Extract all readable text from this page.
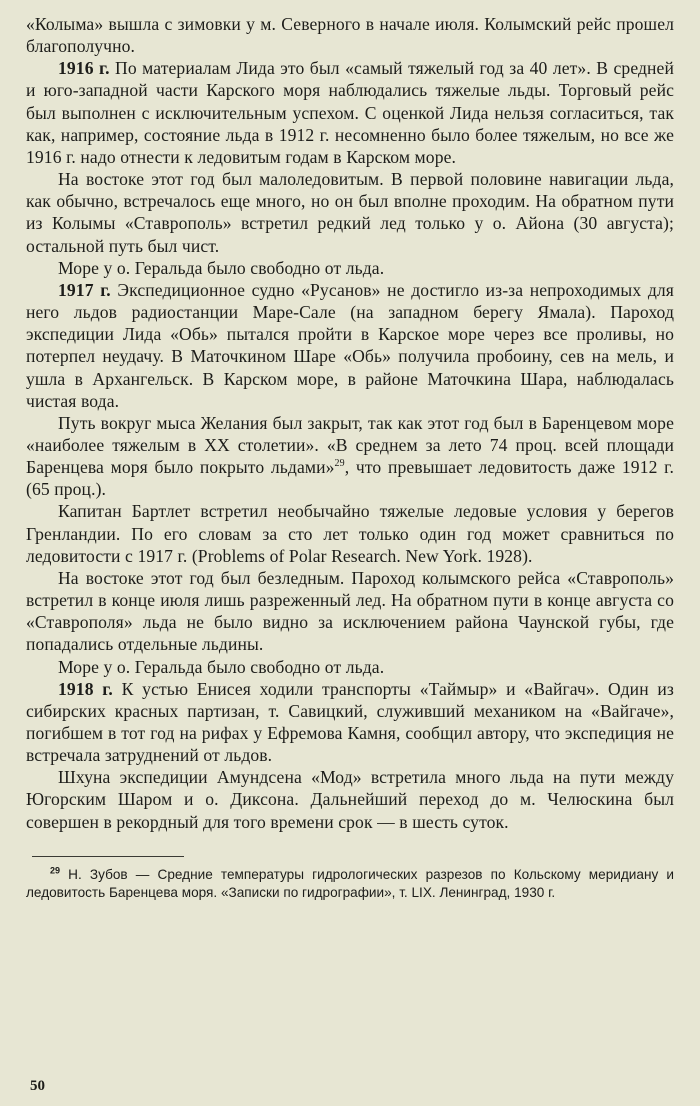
«Колыма» вышла с зимовки у м. Северного в начале июля. Колымский рейс прошел благополучно.

1916 г. По материалам Лида это был «самый тяжелый год за 40 лет». В средней и юго-западной части Карского моря наблюдались тяжелые льды. Торговый рейс был выполнен с исключительным успехом. С оценкой Лида нельзя согласиться, так как, например, состояние льда в 1912 г. несомненно было более тяжелым, но все же 1916 г. надо отнести к ледовитым годам в Карском море.

На востоке этот год был малоледовитым. В первой половине навигации льда, как обычно, встречалось еще много, но он был вполне проходим. На обратном пути из Колымы «Ставрополь» встретил редкий лед только у о. Айона (30 августа); остальной путь был чист.

Море у о. Геральда было свободно от льда.

1917 г. Экспедиционное судно «Русанов» не достигло из-за непроходимых для него льдов радиостанции Маре-Сале (на западном берегу Ямала). Пароход экспедиции Лида «Обь» пытался пройти в Карское море через все проливы, но потерпел неудачу. В Маточкином Шаре «Обь» получила пробоину, сев на мель, и ушла в Архангельск. В Карском море, в районе Маточкина Шара, наблюдалась чистая вода.

Путь вокруг мыса Желания был закрыт, так как этот год был в Баренцевом море «наиболее тяжелым в XX столетии». «В среднем за лето 74 проц. всей площади Баренцева моря было покрыто льдами»$^{29}$, что превышает ледовитость даже 1912 г. (65 проц.).

Капитан Бартлет встретил необычайно тяжелые ледовые условия у берегов Гренландии. По его словам за сто лет только один год может сравниться по ледовитости с 1917 г. (Problems of Polar Research. New York. 1928).

На востоке этот год был безледным. Пароход колымского рейса «Ставрополь» встретил в конце июля лишь разреженный лед. На обратном пути в конце августа со «Ставрополя» льда не было видно за исключением района Чаунской губы, где попадались отдельные льдины.

Море у о. Геральда было свободно от льда.

1918 г. К устью Енисея ходили транспорты «Таймыр» и «Вайгач». Один из сибирских красных партизан, т. Савицкий, служивший механиком на «Вайгаче», погибшем в тот год на рифах у Ефремова Камня, сообщил автору, что экспедиция не встречала затруднений от льдов.

Шхуна экспедиции Амундсена «Мод» встретила много льда на пути между Югорским Шаром и о. Диксона. Дальнейший переход до м. Челюскина был совершен в рекордный для того времени срок — в шесть суток.

$^{29}$ Н. Зубов — Средние температуры гидрологических разрезов по Кольскому меридиану и ледовитость Баренцева моря. «Записки по гидрографии», т. LIX. Ленинград, 1930 г.

50
